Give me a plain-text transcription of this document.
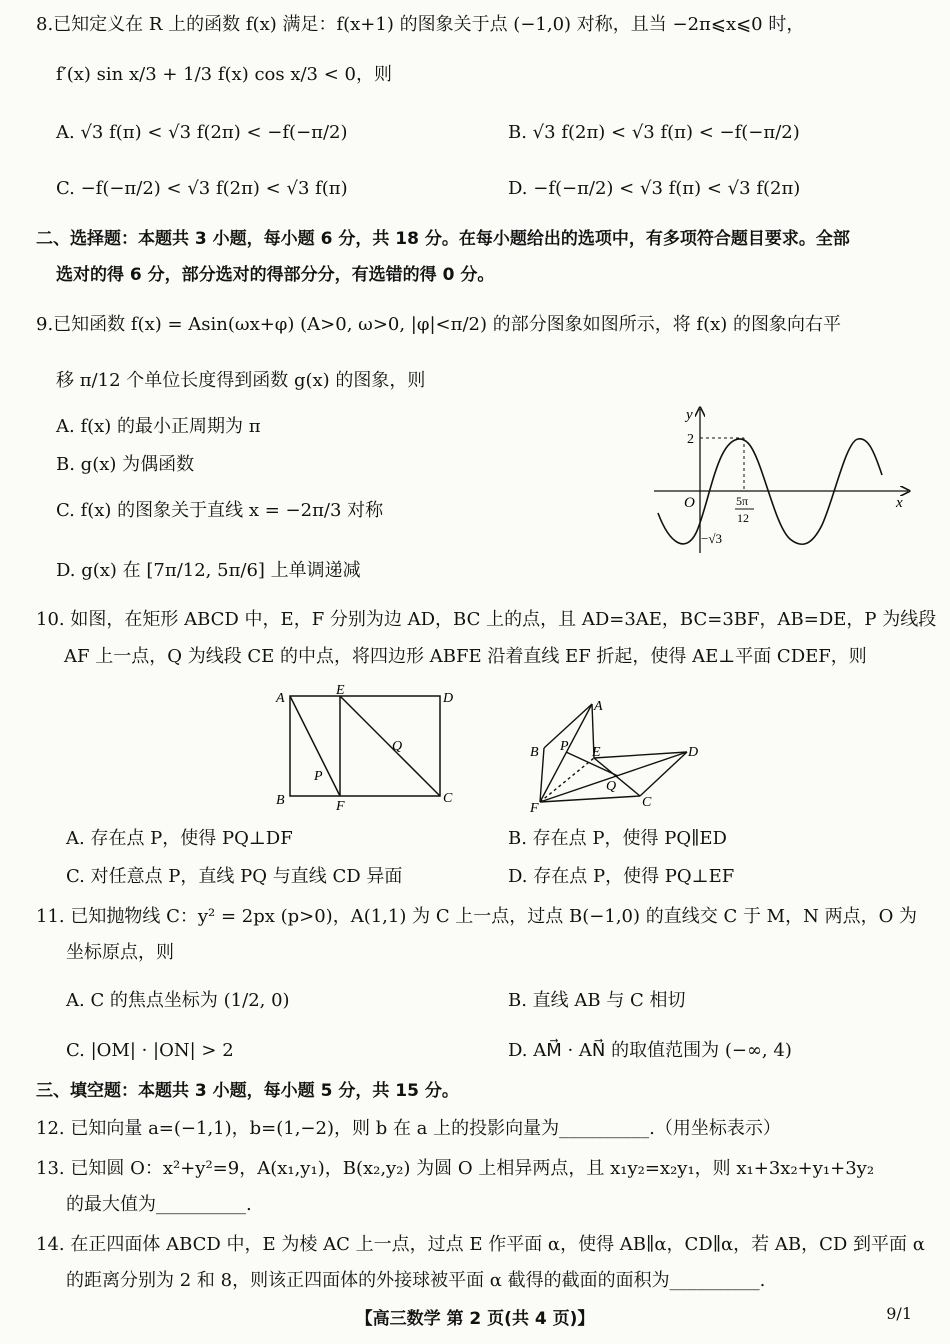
8.已知定义在 R 上的函数 f(x) 满足：f(x+1) 的图象关于点 (−1,0) 对称，且当 −2π⩽x⩽0 时，
f′(x) sin x/3 + 1/3 f(x) cos x/3 < 0，则
A. √3 f(π) < √3 f(2π) < −f(−π/2)	B. √3 f(2π) < √3 f(π) < −f(−π/2)
C. −f(−π/2) < √3 f(2π) < √3 f(π)	D. −f(−π/2) < √3 f(π) < √3 f(2π)
二、选择题：本题共 3 小题，每小题 6 分，共 18 分。在每小题给出的选项中，有多项符合题目要求。全部
选对的得 6 分，部分选对的得部分分，有选错的得 0 分。
9.已知函数 f(x) = Asin(ωx+φ) (A>0, ω>0, |φ|<π/2) 的部分图象如图所示，将 f(x) 的图象向右平
移 π/12 个单位长度得到函数 g(x) 的图象，则
A. f(x) 的最小正周期为 π
B. g(x) 为偶函数
C. f(x) 的图象关于直线 x = −2π/3 对称
D. g(x) 在 [7π/12, 5π/6] 上单调递减
y
x
O
2
−√3
5π
12
10. 如图，在矩形 ABCD 中，E，F 分别为边 AD，BC 上的点，且 AD=3AE，BC=3BF，AB=DE，P 为线段
AF 上一点，Q 为线段 CE 的中点，将四边形 ABFE 沿着直线 EF 折起，使得 AE⊥平面 CDEF，则
A
E
D
B	F
C
P
Q
A
B P E	D
Q
F	C
A. 存在点 P，使得 PQ⊥DF	B. 存在点 P，使得 PQ∥ED
C. 对任意点 P，直线 PQ 与直线 CD 异面	D. 存在点 P，使得 PQ⊥EF
11. 已知抛物线 C：y² = 2px (p>0)，A(1,1) 为 C 上一点，过点 B(−1,0) 的直线交 C 于 M，N 两点，O 为
坐标原点，则
A. C 的焦点坐标为 (1/2, 0)	B. 直线 AB 与 C 相切
C. |OM| · |ON| > 2	D. AM⃗ · AN⃗ 的取值范围为 (−∞, 4)
三、填空题：本题共 3 小题，每小题 5 分，共 15 分。
12. 已知向量 a=(−1,1)，b=(1,−2)，则 b 在 a 上的投影向量为__________.（用坐标表示）
13. 已知圆 O：x²+y²=9，A(x₁,y₁)，B(x₂,y₂) 为圆 O 上相异两点，且 x₁y₂=x₂y₁，则 x₁+3x₂+y₁+3y₂
的最大值为__________.
14. 在正四面体 ABCD 中，E 为棱 AC 上一点，过点 E 作平面 α，使得 AB∥α，CD∥α，若 AB，CD 到平面 α
的距离分别为 2 和 8，则该正四面体的外接球被平面 α 截得的截面的面积为__________.
【高三数学 第 2 页(共 4 页)】	9/1
